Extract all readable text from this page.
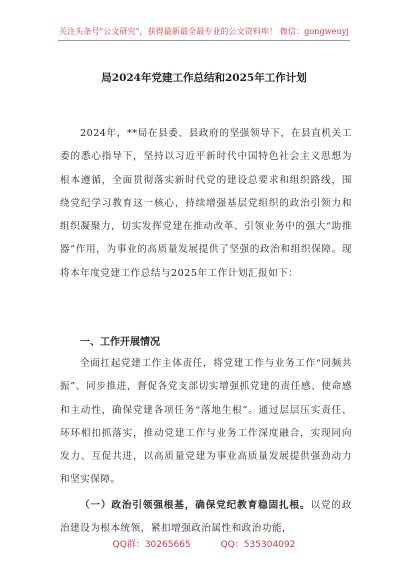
关注头条号"公文研究"，获得最新最全最专业的公文资料库！ 微信：gongwenyj
局2024年党建工作总结和2025年工作计划
2024年，**局在县委、县政府的坚强领导下，在县直机关工委的悉心指导下，坚持以习近平新时代中国特色社会主义思想为根本遵循，全面贯彻落实新时代党的建设总要求和组织路线，围绕党纪学习教育这一核心，持续增强基层党组织的政治引领力和组织凝聚力，切实发挥党建在推动改革、引领业务中的强大“助推器”作用，为事业的高质量发展提供了坚强的政治和组织保障。现将本年度党建工作总结与2025年工作计划汇报如下：
一、工作开展情况
全面扛起党建工作主体责任，将党建工作与业务工作“同频共振”、同步推进，督促各党支部切实增强抓党建的责任感、使命感和主动性，确保党建各项任务“落地生根”。通过层层压实责任、环环相扣抓落实，推动党建工作与业务工作深度融合，实现同向发力、互促共进，以高质量党建为事业高质量发展提供强劲动力和坚实保障。
（一）政治引领强根基，确保党纪教育稳固扎根。以党的政治建设为根本统领，紧扣增强政治属性和政治功能，
QQ群：30265665	QQ：535304092
